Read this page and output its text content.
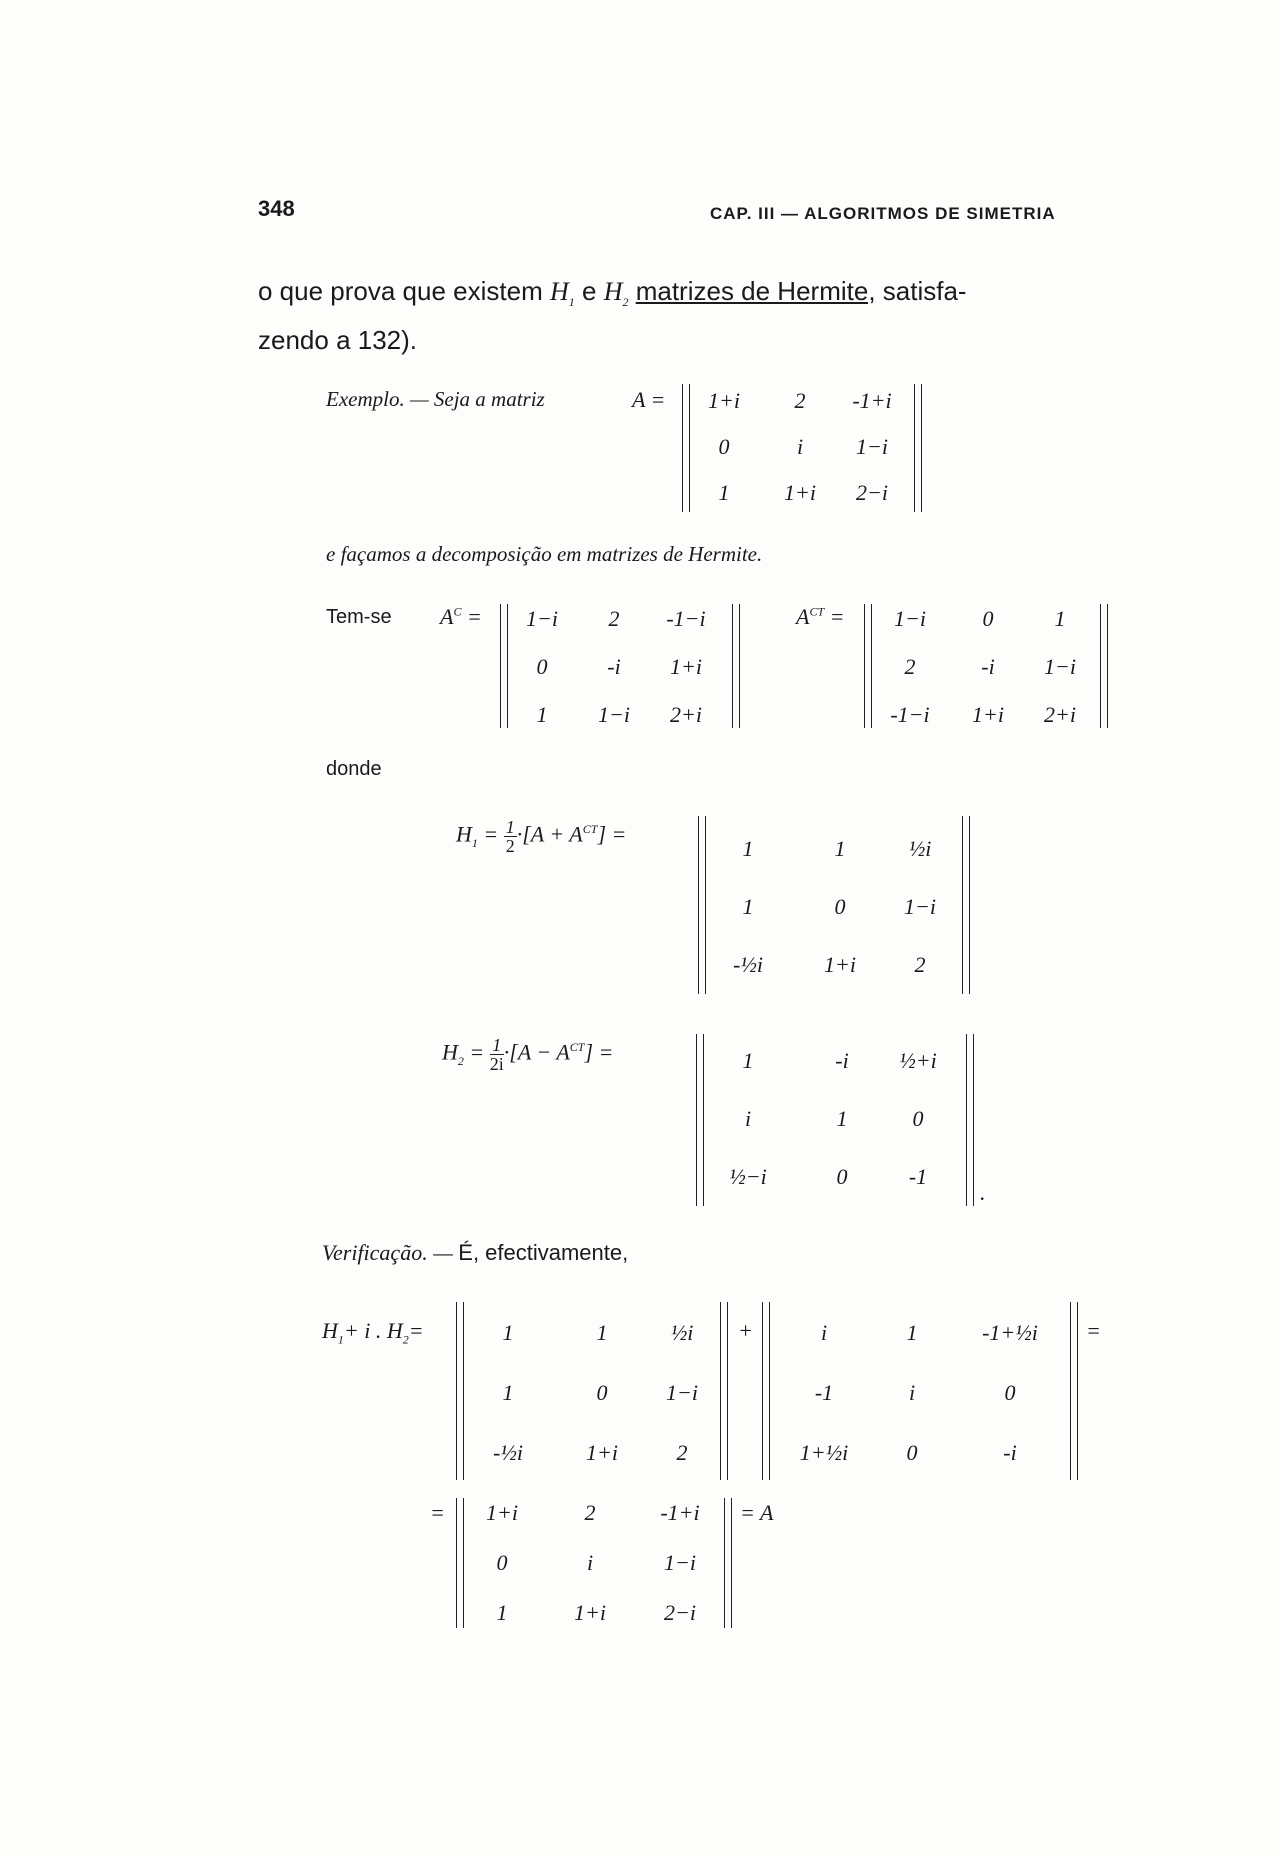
348	CAP. III — ALGORITMOS DE SIMETRIA
o que prova que existem $H_1$ e $H_2$ matrizes de Hermite, satisfa-
zendo a 132).
Exemplo. — Seja a matriz	A = 1+i 2 -1+i
0	i 1−i
1 1+i 2−i
e façamos a decomposição em matrizes de Hermite.
Tem-se $A^C = 1-i$ 2 -1−i
0	-i 1+i
1 1−i 2+i
$A^{CT} = 1-i$	0	1
2	-i 1−i
-1−i 1+i 2+i
donde
$H_1 = \frac{1}{2} \cdot[A + A^{CT}]$ =
1	1	½i
1	0	1−i
-½i	1+i	2
$H_2 = \frac{1}{2i} \cdot[A - A^{CT}]$ =	1	-i ½+i
i	1	0
½−i	0	-1
.
Verificação. — É, efectivamente,
$H_1+ i$ . $H_2=$	1	1	½i
1	0	1−i
-½i	1+i	2
+	i	1	-1+½i
-1	i	0
1+½i	0	-i
=
= 1+i	2	-1+i
0	i	1−i
1	1+i	2−i
= A
